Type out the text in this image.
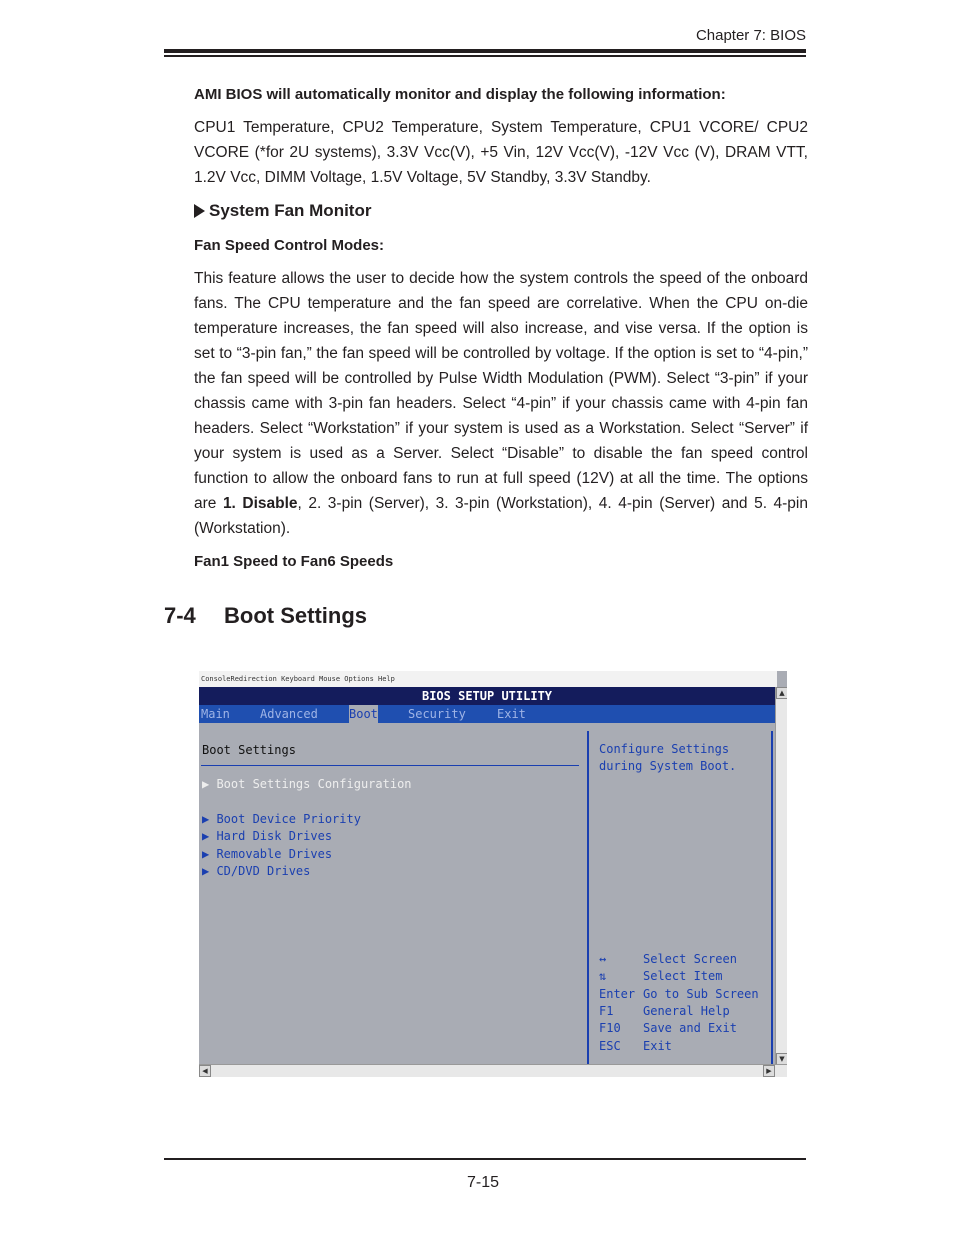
Chapter 7: BIOS

AMI BIOS will automatically monitor and display the following information:

CPU1 Temperature, CPU2 Temperature, System Temperature, CPU1 VCORE/ CPU2 VCORE (*for 2U systems), 3.3V Vcc(V), +5 Vin, 12V Vcc(V), -12V Vcc (V), DRAM VTT, 1.2V Vcc, DIMM Voltage, 1.5V Voltage, 5V Standby, 3.3V Standby.

System Fan Monitor

Fan Speed Control Modes:

This feature allows the user to decide how the system controls the speed of the onboard fans. The CPU temperature and the fan speed are correlative. When the CPU on-die temperature increases, the fan speed will also increase, and vise versa. If the option is set to “3-pin fan,” the fan speed will be controlled by voltage. If the option is set to “4-pin,” the fan speed will be controlled by Pulse Width Modulation (PWM). Select “3-pin” if your chassis came with 3-pin fan headers. Select “4-pin” if your chassis came with 4-pin fan headers. Select “Workstation” if your system is used as a Workstation. Select “Server” if your system is used as a Server. Select “Disable” to disable the fan speed control function to allow the onboard fans to run at full speed (12V) at all the time. The options are 1. Disable, 2. 3-pin (Server), 3. 3-pin (Workstation), 4. 4-pin (Server) and 5. 4-pin (Workstation).

Fan1 Speed to Fan6 Speeds

7-4 Boot Settings
ConsoleRedirection Keyboard Mouse Options Help
BIOS SETUP UTILITY
Main	Advanced	Boot	Security	Exit
Boot Settings
▶ Boot Settings Configuration
▶ Boot Device Priority
▶ Hard Disk Drives
▶ Removable Drives
▶ CD/DVD Drives
Configure Settings
during System Boot.
↔	Select Screen
⇅	Select Item
Enter Go to Sub Screen
F1 General Help
F10 Save and Exit
ESC Exit
▲
▼
◀	▶
7-15
